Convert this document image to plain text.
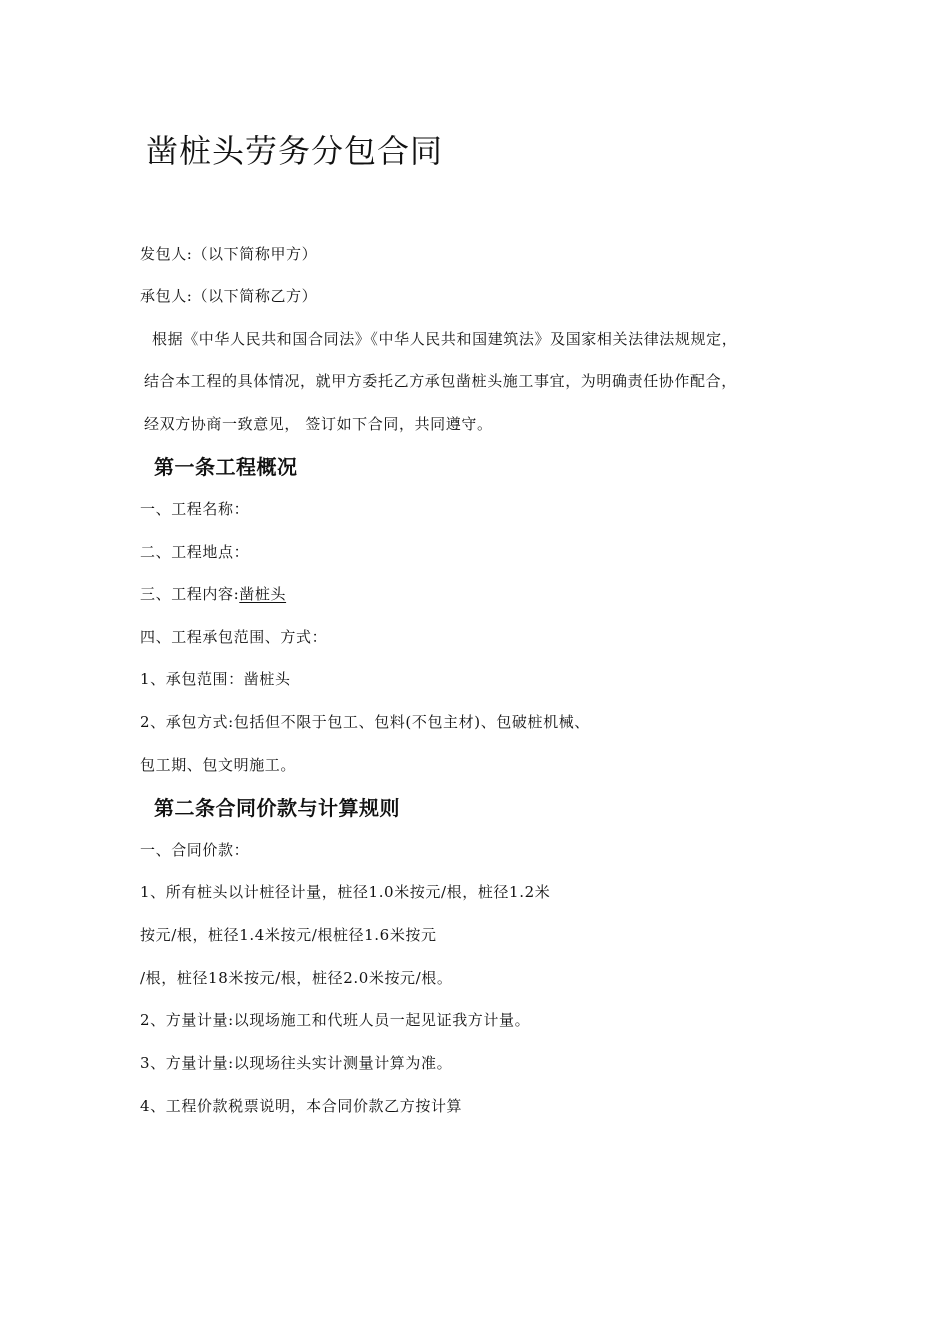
凿桩头劳务分包合同
发包人:（以下简称甲方）
承包人:（以下简称乙方）
根据《中华人民共和国合同法》《中华人民共和国建筑法》及国家相关法律法规规定，
结合本工程的具体情况，就甲方委托乙方承包凿桩头施工事宜，为明确责任协作配合，
经双方协商一致意见， 签订如下合同，共同遵守。
第一条工程概况
一、工程名称：
二、工程地点：
三、工程内容:凿桩头
四、工程承包范围、方式：
1、承包范围：凿桩头
2、承包方式:包括但不限于包工、包料(不包主材)、包破桩机械、
包工期、包文明施工。
第二条合同价款与计算规则
一、合同价款：
1、所有桩头以计桩径计量，桩径1.0米按元/根，桩径1.2米
按元/根，桩径1.4米按元/根桩径1.6米按元
/根，桩径18米按元/根，桩径2.0米按元/根。
2、方量计量:以现场施工和代班人员一起见证我方计量。
3、方量计量:以现场往头实计测量计算为准。
4、工程价款税票说明，本合同价款乙方按计算
